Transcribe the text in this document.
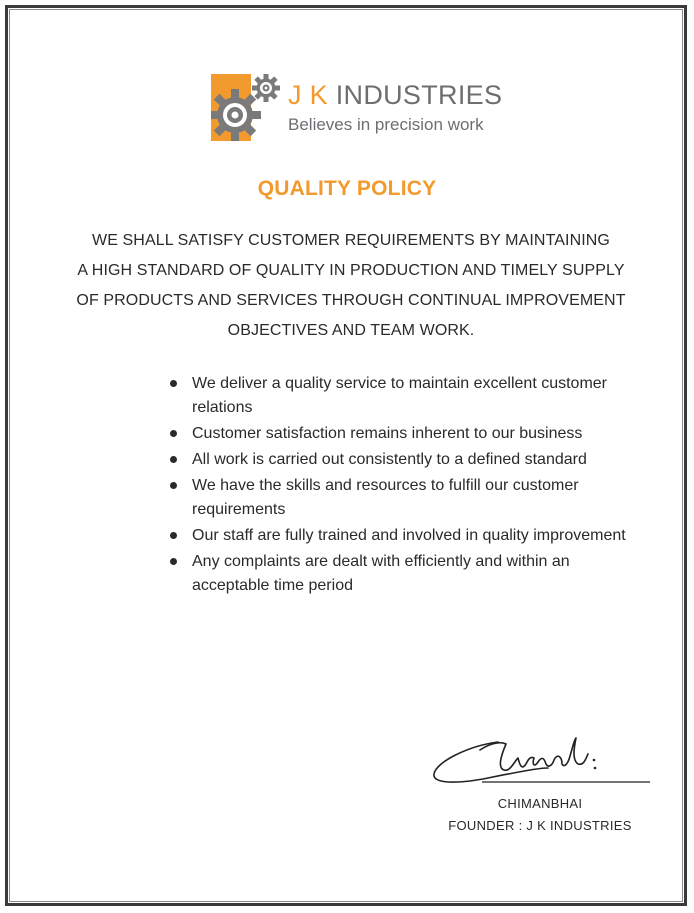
J K INDUSTRIES
Believes in precision work
QUALITY POLICY
WE SHALL SATISFY CUSTOMER REQUIREMENTS BY MAINTAINING
A HIGH STANDARD OF QUALITY IN PRODUCTION AND TIMELY SUPPLY
OF PRODUCTS AND SERVICES THROUGH CONTINUAL IMPROVEMENT
OBJECTIVES AND TEAM WORK.
We deliver a quality service to maintain excellent customer relations
Customer satisfaction remains inherent to our business
All work is carried out consistently to a defined standard
We have the skills and resources to fulfill our customer requirements
Our staff are fully trained and involved in quality improvement
Any complaints are dealt with efficiently and within an acceptable time period
CHIMANBHAI
FOUNDER : J K INDUSTRIES
